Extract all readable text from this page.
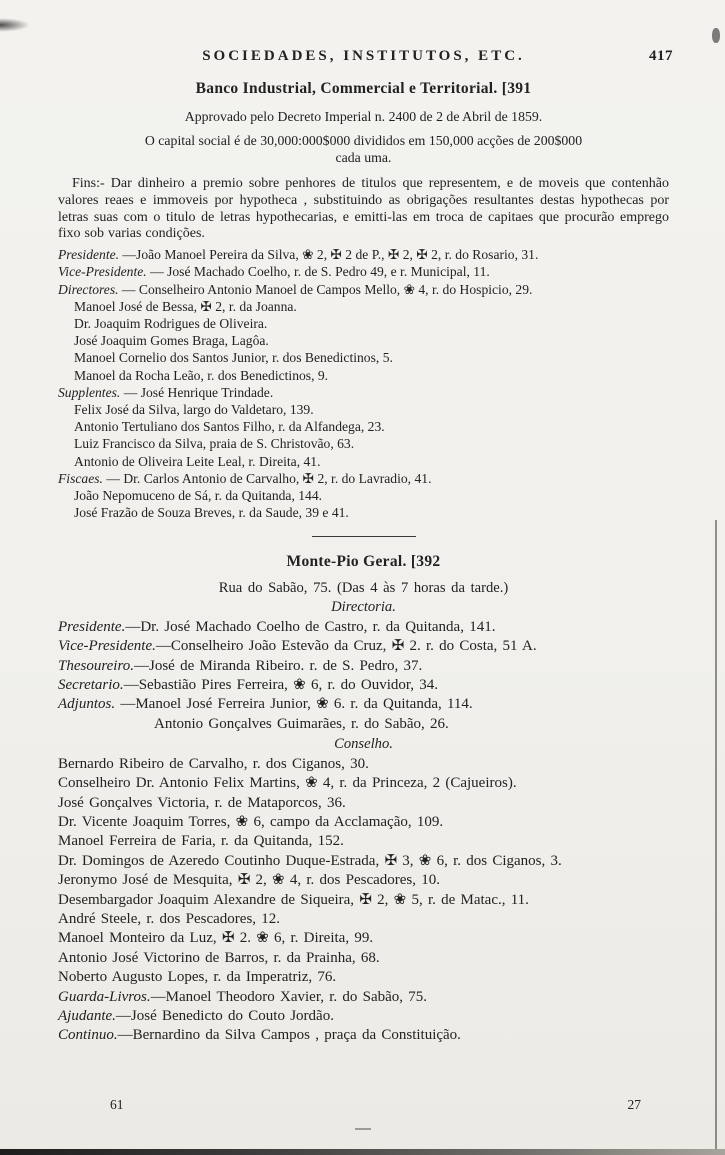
SOCIEDADES, INSTITUTOS, ETC.	417
Banco Industrial, Commercial e Territorial. [391

Approvado pelo Decreto Imperial n. 2400 de 2 de Abril de 1859.

O capital social é de 30,000:000$000 divididos em 150,000 acções de 200$000
cada uma.

Fins:- Dar dinheiro a premio sobre penhores de titulos que representem, e de moveis que contenhão valores reaes e immoveis por hypotheca , substituindo as obrigações resultantes destas hypothecas por letras suas com o titulo de letras hypothecarias, e emitti-las em troca de capitaes que procurão emprego fixo sob varias condições.

Presidente. —João Manoel Pereira da Silva, ❀ 2, ✠ 2 de P., ✠ 2, ✠ 2, r. do Rosario, 31.

Vice-Presidente. — José Machado Coelho, r. de S. Pedro 49, e r. Municipal, 11.

Directores. — Conselheiro Antonio Manoel de Campos Mello, ❀ 4, r. do Hospicio, 29.

Manoel José de Bessa, ✠ 2, r. da Joanna.

Dr. Joaquim Rodrigues de Oliveira.

José Joaquim Gomes Braga, Lagôa.

Manoel Cornelio dos Santos Junior, r. dos Benedictinos, 5.

Manoel da Rocha Leão, r. dos Benedictinos, 9.

Supplentes. — José Henrique Trindade.

Felix José da Silva, largo do Valdetaro, 139.

Antonio Tertuliano dos Santos Filho, r. da Alfandega, 23.

Luiz Francisco da Silva, praia de S. Christovão, 63.

Antonio de Oliveira Leite Leal, r. Direita, 41.

Fiscaes. — Dr. Carlos Antonio de Carvalho, ✠ 2, r. do Lavradio, 41.

João Nepomuceno de Sá, r. da Quitanda, 144.

José Frazão de Souza Breves, r. da Saude, 39 e 41.

Monte-Pio Geral. [392

Rua do Sabão, 75. (Das 4 às 7 horas da tarde.)

Directoria.

Presidente.—Dr. José Machado Coelho de Castro, r. da Quitanda, 141.

Vice-Presidente.—Conselheiro João Estevão da Cruz, ✠ 2. r. do Costa, 51 A.

Thesoureiro.—José de Miranda Ribeiro. r. de S. Pedro, 37.

Secretario.—Sebastião Pires Ferreira, ❀ 6, r. do Ouvidor, 34.

Adjuntos. —Manoel José Ferreira Junior, ❀ 6. r. da Quitanda, 114.

Antonio Gonçalves Guimarães, r. do Sabão, 26.

Conselho.

Bernardo Ribeiro de Carvalho, r. dos Ciganos, 30.

Conselheiro Dr. Antonio Felix Martins, ❀ 4, r. da Princeza, 2 (Cajueiros).

José Gonçalves Victoria, r. de Mataporcos, 36.

Dr. Vicente Joaquim Torres, ❀ 6, campo da Acclamação, 109.

Manoel Ferreira de Faria, r. da Quitanda, 152.

Dr. Domingos de Azeredo Coutinho Duque-Estrada, ✠ 3, ❀ 6, r. dos Ciganos, 3.

Jeronymo José de Mesquita, ✠ 2, ❀ 4, r. dos Pescadores, 10.

Desembargador Joaquim Alexandre de Siqueira, ✠ 2, ❀ 5, r. de Matac., 11.

André Steele, r. dos Pescadores, 12.

Manoel Monteiro da Luz, ✠ 2. ❀ 6, r. Direita, 99.

Antonio José Victorino de Barros, r. da Prainha, 68.

Noberto Augusto Lopes, r. da Imperatriz, 76.

Guarda-Livros.—Manoel Theodoro Xavier, r. do Sabão, 75.

Ajudante.—José Benedicto do Couto Jordão.

Continuo.—Bernardino da Silva Campos , praça da Constituição.

61	27
